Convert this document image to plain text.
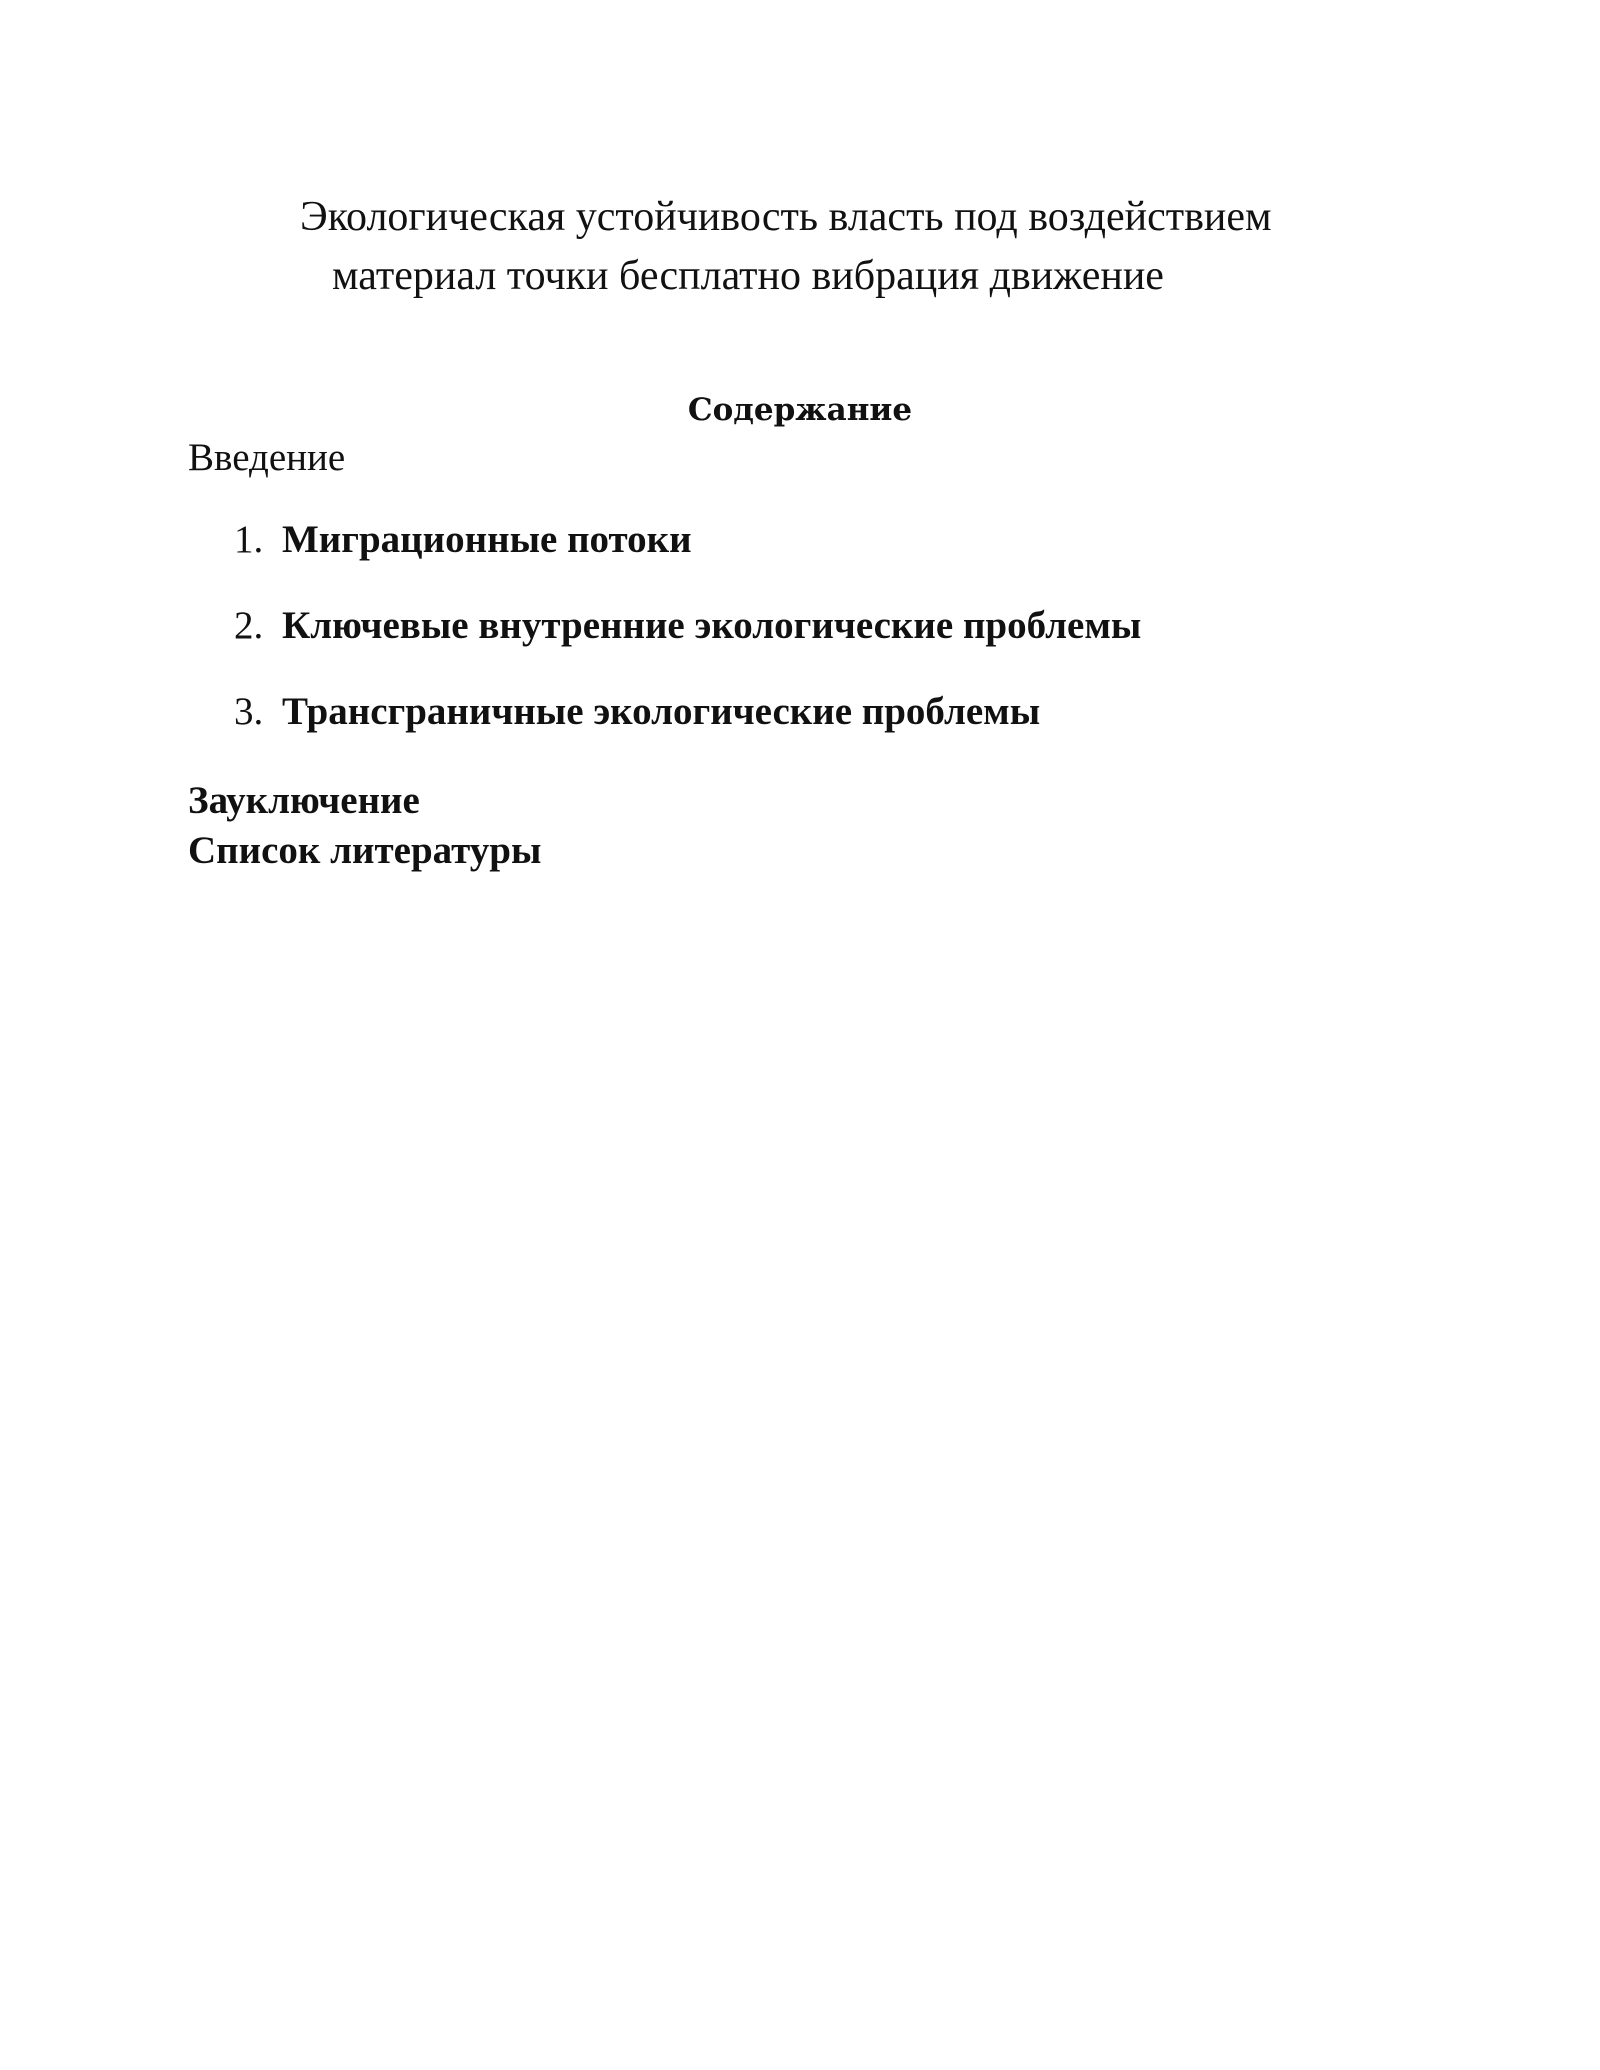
Экологическая устойчивость власть под воздействием
материал точки бесплатно вибрация движение
Содержание

Введение

1. Миграционные потоки
2. Ключевые внутренние экологические проблемы
3. Трансграничные экологические проблемы

Зауключение

Список литературы
